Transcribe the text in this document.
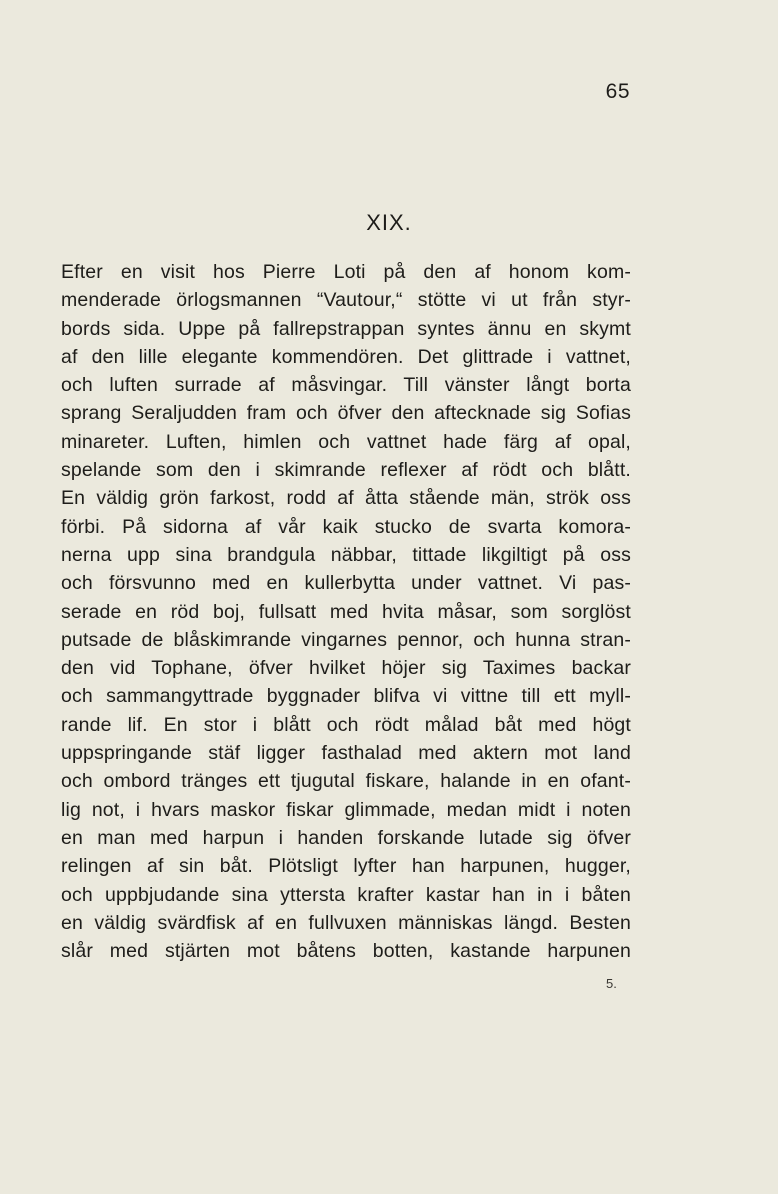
65
XIX.
Efter en visit hos Pierre Loti på den af honom kom-
menderade örlogsmannen “Vautour,“ stötte vi ut från styr-
bords sida. Uppe på fallrepstrappan syntes ännu en skymt
af den lille elegante kommendören. Det glittrade i vattnet,
och luften surrade af måsvingar. Till vänster långt borta
sprang Seraljudden fram och öfver den aftecknade sig Sofias
minareter. Luften, himlen och vattnet hade färg af opal,
spelande som den i skimrande reflexer af rödt och blått.
En väldig grön farkost, rodd af åtta stående män, strök oss
förbi. På sidorna af vår kaik stucko de svarta komora-
nerna upp sina brandgula näbbar, tittade likgiltigt på oss
och försvunno med en kullerbytta under vattnet. Vi pas-
serade en röd boj, fullsatt med hvita måsar, som sorglöst
putsade de blåskimrande vingarnes pennor, och hunna stran-
den vid Tophane, öfver hvilket höjer sig Taximes backar
och sammangyttrade byggnader blifva vi vittne till ett myll-
rande lif. En stor i blått och rödt målad båt med högt
uppspringande stäf ligger fasthalad med aktern mot land
och ombord tränges ett tjugutal fiskare, halande in en ofant-
lig not, i hvars maskor fiskar glimmade, medan midt i noten
en man med harpun i handen forskande lutade sig öfver
relingen af sin båt. Plötsligt lyfter han harpunen, hugger,
och uppbjudande sina yttersta krafter kastar han in i båten
en väldig svärdfisk af en fullvuxen människas längd. Besten
slår med stjärten mot båtens botten, kastande harpunen
5.
